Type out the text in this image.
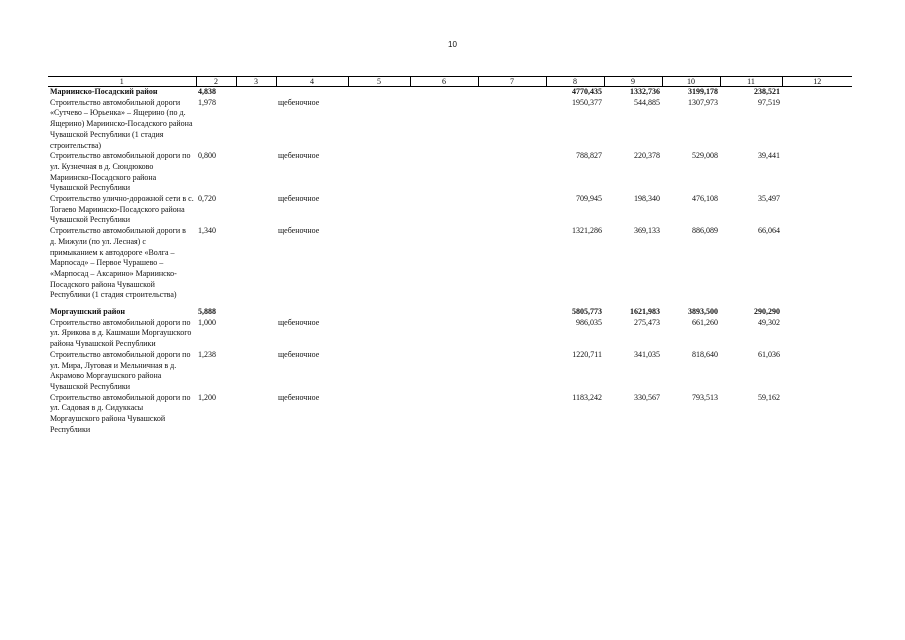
10
1	2	3	4	5	6	7	8	9	10	11	12
Мариинско-Посадский район	4,838						4770,435	1332,736	3199,178	238,521	
Строительство автомобильной дороги «Сутчево – Юрьенка» – Ящерино (по д. Ящерино) Мариинско-Посадского района Чувашской Республики (1 стадия строительства)	1,978		щебеночное				1950,377	544,885	1307,973	97,519	
Строительство автомобильной дороги по ул. Кузнечная в д. Сюндюково Мариинско-Посадского района Чувашской Республики	0,800		щебеночное				788,827	220,378	529,008	39,441	
Строительство улично-дорожной сети в с. Тогаево Мариинско-Посадского района Чувашской Республики	0,720		щебеночное				709,945	198,340	476,108	35,497	
Строительство автомобильной дороги в д. Мижули (по ул. Лесная) с примыканием к автодороге «Волга – Марпосад» – Первое Чурашево – «Марпосад – Аксарино» Мариинско-Посадского района Чувашской Республики (1 стадия строительства)	1,340		щебеночное				1321,286	369,133	886,089	66,064	

Моргаушский район	5,888						5805,773	1621,983	3893,500	290,290	
Строительство автомобильной дороги по ул. Ярикова в д. Кашмаши Моргаушского района Чувашской Республики	1,000		щебеночное				986,035	275,473	661,260	49,302	
Строительство автомобильной дороги по ул. Мира, Луговая и Мельничная в д. Акрамово Моргаушского района Чувашской Республики	1,238		щебеночное				1220,711	341,035	818,640	61,036	
Строительство автомобильной дороги по ул. Садовая в д. Сидуккасы Моргаушского района Чувашской Республики	1,200		щебеночное				1183,242	330,567	793,513	59,162	
